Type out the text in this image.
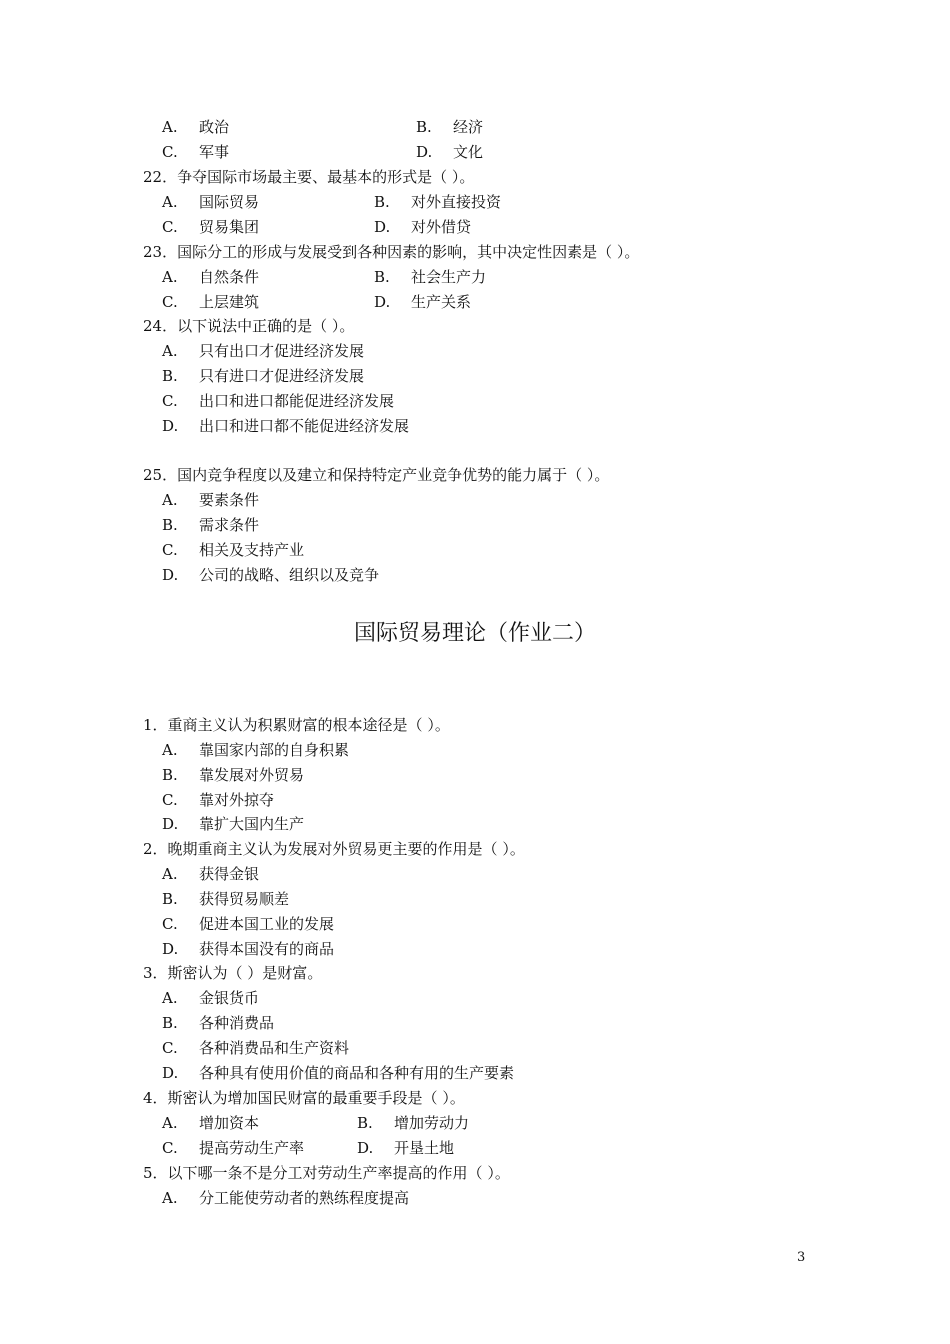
A. 政治	B. 经济
C. 军事	D. 文化
22．争夺国际市场最主要、最基本的形式是（ ）。
A. 国际贸易	B. 对外直接投资
C. 贸易集团	D. 对外借贷
23．国际分工的形成与发展受到各种因素的影响，其中决定性因素是（ ）。
A. 自然条件	B. 社会生产力
C. 上层建筑	D. 生产关系
24．以下说法中正确的是（ ）。
A. 只有出口才促进经济发展
B. 只有进口才促进经济发展
C. 出口和进口都能促进经济发展
D. 出口和进口都不能促进经济发展
25．国内竞争程度以及建立和保持特定产业竞争优势的能力属于（ ）。
A. 要素条件
B. 需求条件
C. 相关及支持产业
D. 公司的战略、组织以及竞争
国际贸易理论（作业二）
1．重商主义认为积累财富的根本途径是（ ）。
A. 靠国家内部的自身积累
B. 靠发展对外贸易
C. 靠对外掠夺
D. 靠扩大国内生产
2．晚期重商主义认为发展对外贸易更主要的作用是（ ）。
A. 获得金银
B. 获得贸易顺差
C. 促进本国工业的发展
D. 获得本国没有的商品
3．斯密认为（ ）是财富。
A. 金银货币
B. 各种消费品
C. 各种消费品和生产资料
D. 各种具有使用价值的商品和各种有用的生产要素
4．斯密认为增加国民财富的最重要手段是（ ）。
A. 增加资本	B. 增加劳动力
C. 提高劳动生产率	D. 开垦土地
5．以下哪一条不是分工对劳动生产率提高的作用（ ）。
A. 分工能使劳动者的熟练程度提高
3
